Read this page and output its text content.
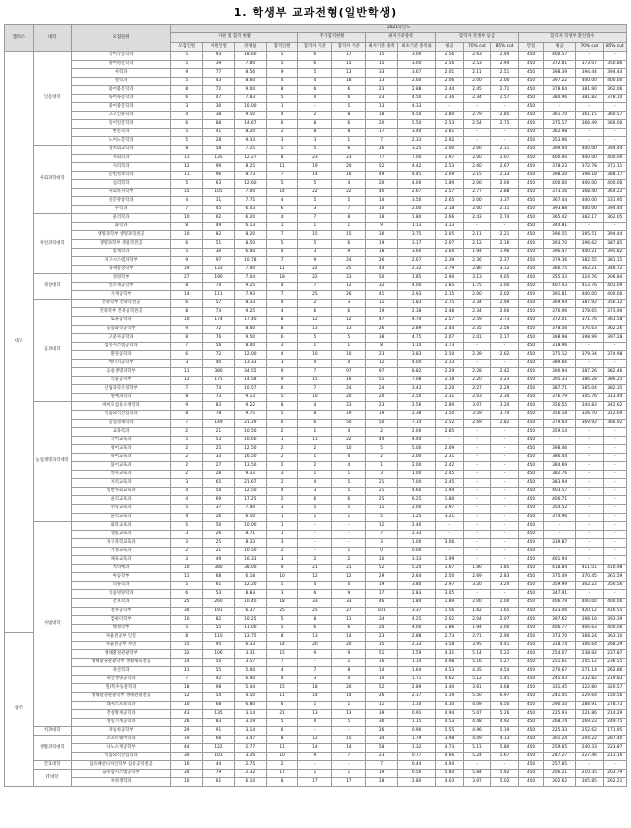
1. 학생부 교과전형(일반학생)
캠퍼스	대학	모집단위	2021학년도														
			지원 및 합격 현황				추가합격현황		최저기준충족		합격자 학생부 등급			합격자 학생부 환산점수			
			모집인원	지원인원	경쟁률	합격인원	합격자 기준	합격자 기준	최저기준 충족	최초기준 충족률	평균	70% cut	85% cut	만점	평균	70% cut	85% cut
대구	인문대학	국어국문학과	5	93	18.60	5	6	17	15	3.00	2.56	2.63	2.94	450	400.57	-	-
		영어영문학과	5	39	7.80	5	6	15	15	3.00	2.56	2.53	2.94	450	372.81	373.07	350.86
		사학과	9	77	8.56	9	5	13	33	3.67	2.01	2.11	2.51	450	398.39	394.44	394.44
		철학과	5	43	8.60	4	4	18	13	2.60	2.06	2.00	2.00	450	397.22	400.00	400.00
		불어불문학과	8	72	9.00	8	6	6	23	2.88	2.44	2.45	2.71	450	378.64	381.90	362.06
		독어독문학과	6	47	7.83	5	4	6	23	4.50	2.36	2.34	2.57	450	384.96	381.82	378.10
		중어중문학과	3	30	10.00	1	-	5	13	4.33	-	-	-	450	-	-	-
		고고인류학과	4	38	9.50	4	2	8	18	4.50	2.80	2.79	2.85	450	361.70	361.15	360.57
		일어일문학과	6	88	14.67	6	8	6	20	5.50	2.53	2.54	2.75	450	375.17	366.49	366.00
		한문학과	5	41	8.20	2	8	8	17	3.40	2.81	-	-	450	362.98	-	-
		노어노문학과	5	28	9.33	3	3	1	7	2.33	2.92	-	-	450	353.96	-	-
	사회과학대학	정치외교학과	8	58	7.25	5	5	6	26	3.25	2.00	2.00	2.11	450	399.94	400.00	394.44
		사회학과	11	135	12.27	8	23	23	77	7.00	1.97	2.00	2.07	450	400.00	400.00	400.00
		지리학과	12	99	8.25	11	19	20	52	4.42	2.53	2.60	2.67	450	378.23	372.78	371.11
		문헌정보학과	11	96	8.73	7	14	16	49	4.45	2.09	2.15	2.33	450	398.20	398.18	388.17
		심리학과	5	63	12.60	5	5	4	20	4.00	1.89	2.00	2.00	450	400.00	400.00	400.00
		사회복지학부	15	105	7.00	14	22	22	40	2.67	2.57	2.77	2.88	450	373.16	368.40	364.22
		신문방송학과	4	31	7.75	4	5	5	14	3.50	2.65	2.00	3.37	450	367.44	400.00	331.95
		수학과	7	45	6.43	6	3	7	14	2.00	2.18	2.00	2.11	450	393.88	400.00	394.44
	자연과학대학	물리학과	10	62	6.20	4	7	8	18	1.80	2.66	2.43	2.74	450	365.42	382.17	362.05
		화학과	8	49	6.13	1	1	1	9	1.13	3.13	-	-	450	344.81	-	-
		생명과학부 생명과학전공	10	82	8.20	7	15	15	30	3.75	2.05	2.11	2.21	450	396.55	395.51	394.44
		생명과학부 생물학전공	6	51	8.50	5	5	6	19	3.17	2.07	2.12	2.16	450	393.70	396.62	387.85
		통계학과	5	30	6.00	4	3	9	18	3.60	2.04	1.94	1.96	450	396.47	400.21	395.82
		지구시스템과학부	9	97	10.78	7	9	24	26	2.67	2.39	2.36	2.37	450	379.36	382.55	381.15
		경제통상학부	19	133	7.00	11	22	25	44	2.32	2.79	2.80	3.12	450	366.75	362.21	348.72
	경상대학	경영학부	27	190	7.04	18	22	23	50	1.85	2.90	3.13	4.05	450	355.33	324.76	306.84
		신소재공학부	8	74	9.25	4	7	12	32	4.00	1.85	1.75	2.00	450	407.43	413.76	401.09
		기계공학부	14	111	7.93	7	25	26	41	2.93	2.15	2.00	2.02	450	391.81	400.00	400.00
	공과대학	건축학부 건축학전공	6	57	8.33	4	2	3	11	1.83	2.75	2.34	2.99	450	369.94	387.92	356.12
		건축학부 건축공학전공	8	74	9.25	4	6	6	19	2.38	2.48	2.34	2.60	450	376.96	378.65	373.90
		토목공학과	10	174	17.40	8	12	12	47	4.70	2.57	2.59	2.73	450	372.01	371.76	361.58
		응용화학공학부	9	72	8.00	8	13	13	26	2.89	2.44	2.35	2.56	450	378.56	376.63	362.26
		고분자공학과	8	76	9.50	6	5	5	38	4.75	2.07	2.01	2.17	450	398.98	398.99	397.28
		섬유시스템공학과	7	56	8.00	2	1	1	8	1.14	3.73	-	-	450	318.96	-	-
		환경공학과	6	72	12.00	4	10	10	23	3.83	2.50	2.39	2.62	450	375.12	379.34	374.98
		에너지공학부	3	40	13.33	3	4	4	12	4.00	2.13	-	-	450	389.66	-	-
		응용생명과학부	11	380	34.55	9	7	97	97	8.82	2.29	2.28	2.42	450	390.94	387.26	382.46
		식품공학부	12	175	14.58	9	15	16	55	7.08	2.18	2.20	2.23	450	395.33	386.28	386.25
		산림과학조경학부	7	74	10.57	6	7	24	24	3.43	2.20	2.27	2.29	450	387.71	385.04	382.35
		원예과학과	8	73	9.13	5	10	20	20	2.50	2.31	2.03	2.34	450	376.79	345.76	313.49
	농업생명과학대학	바이오섬유소재학과	9	83	9.22	8	4	23	23	2.56	2.89	3.07	3.20	450	356.55	344.83	342.62
		식품외식산업학과	8	78	9.75	5	8	19	19	2.38	3.50	3.59	3.70	450	356.18	326.70	312.69
		농업경제학과	7	149	21.29	6	6	50	50	7.14	2.52	2.69	2.82	450	379.64	369.92	366.92
		교육학과	2	21	10.50	2	1	4	2	2.00	2.85	-	-	450	359.14	-	-
		국어교육과	5	53	10.60	1	11	22	44	4.40	-	-	-	450	-	-	-
		영어교육과	2	25	12.50	2	2	10	5	5.00	2.09	-	-	450	398.46	-	-
		독어교육과	2	33	16.50	2	1	4	2	2.00	2.31	-	-	450	386.44	-	-
		불어교육과	2	27	13.50	2	2	4	1	2.00	2.42	-	-	450	384.69	-	-
		역사교육과	2	28	9.33	3	1	1	3	1.00	2.45	-	-	450	382.76	-	-
		지리교육과	3	65	21.67	2	4	5	21	7.00	2.45	-	-	450	383.94	-	-
		일반사회교육과	4	50	12.50	4	3	5	21	4.60	1.94	-	-	450	403.57	-	-
		윤리교육과	4	69	17.25	2	6	6	25	6.25	1.80	-	-	450	406.71	-	-
		수학교육과	5	37	7.40	3	5	5	11	2.00	2.97	-	-	450	354.52	-	-
		물리교육과	4	26	6.50	1	1	1	5	1.25	3.21	-	-	450	374.96	-	-
	사범대학	화학교육과	5	50	10.00	1	-	-	12	2.40	-	-	-	450	-	-	-
		생물교육과	3	26	8.71	1	-	-	7	2.33	-	-	-	450	-	-	-
		지구과학교육과	3	25	8.33	3	-	-	3	1.00	3.06	-	-	450	339.87	-	-
		가정교육과	2	21	10.50	2	-	1	0	0.00	-	-	-	450	-	-	-
		체육교육과	3	49	16.33	3	2	2	10	3.33	1.99	-	-	450	401.94	-	-
		치의예과	10	380	38.00	9	21	21	52	5.20	1.67	1.80	1.85	450	418.84	411.01	410.98
		아동학부	11	68	6.18	10	12	12	29	2.64	2.50	2.69	2.83	450	375.49	370.45	361.59
		의류학과	5	61	12.20	5	4	4	19	3.80	2.97	3.20	3.24	450	359.99	362.22	356.56
		식품영양학과	6	53	8.83	3	6	9	17	2.83	3.05	-	-	450	347.91	-	-
		간호학과	25	260	10.40	18	33	33	46	1.84	1.89	2.00	2.00	450	406.79	400.00	400.00
		전자공학부	30	191	6.37	25	25	27	101	3.37	1.56	1.62	1.65	450	423.06	420.12	416.55
		컴퓨터학부	10	82	10.25	5	8	11	34	4.25	2.02	2.04	2.07	450	397.62	398.16	393.39
		행정학부	5	55	11.00	5	6	6	20	4.00	1.86	1.94	2.00	450	406.77	406.63	400.00
상주		자율전공부 인문	8	110	13.75	8	13	14	23	2.88	2.73	2.71	2.90	450	373.70	368.24	363.10
		자율전공부 자연	15	95	6.33	14	20	20	35	2.33	3.58	3.95	4.41	450	318.74	306.64	268.29
		생태환경관광학부	32	106	3.31	15	9	9	51	1.59	4.31	5.14	5.22	450	254.07	238.92	237.87
		생태환경관광학부 생활체육전공	14	50	3.57	7	-	2	16	1.14	4.98	5.16	5.27	450	251.61	245.12	236.55
		축산학과	11	55	5.00	4	7	8	14	1.64	4.53	4.35	4.54	450	270.67	271.14	262.86
		축산생명공학과	7	42	6.00	4	3	4	14	1.71	4.62	5.12	5.45	450	245.43	232.82	219.83
		말/특수동물학과	18	98	5.44	15	18	20	52	2.89	3.40	3.61	3.68	450	331.45	322.80	320.57
		생태환경관광학부 생태관광전공	12	54	4.50	11	14	14	26	2.17	5.19	5.50	6.97	450	241.45	229.64	150.56
		레저스포츠학과	10	68	6.80	6	1	1	11	1.10	4.10	4.09	4.50	450	290.10	288.91	278.73
		건설방재공학과	43	135	3.14	21	13	13	39	0.91	4.94	5.07	5.26	450	225.93	221.86	214.29
		정밀기계공학과	26	83	3.19	5	4	5	30	1.15	4.53	4.48	4.92	450	268.74	269.23	249.75
	치과대학	자동차공학부	29	91	3.14	6	-	-	26	0.90	5.55	4.96	5.19	450	225.33	252.62	171.95
	생활과학대학	소프트웨어학과	19	66	3.47	8	12	15	34	1.79	3.98	4.09	4.13	450	301.24	294.22	287.40
		나노소재공학부	44	122	2.77	11	14	14	58	1.32	4.73	5.11	5.80	450	259.65	240.33	223.87
		식품외식산업학과	30	101	3.26	10	9	7	23	0.77	4.66	5.24	5.67	450	247.27	227.46	211.16
	간호대학	섬유패션디자인학부 섬유공학전공	16	44	2.75	2	-	-	7	0.44	4.94	-	-	450	257.85	-	-
	IT대학	융복합시스템공학부	34	79	2.32	17	1	1	19	0.56	5.84	5.84	5.92	450	206.21	210.35	203.79
		치위생학과	10	61	6.10	8	17	17	28	2.80	4.03	3.97	5.02	450	302.62	305.85	262.21
